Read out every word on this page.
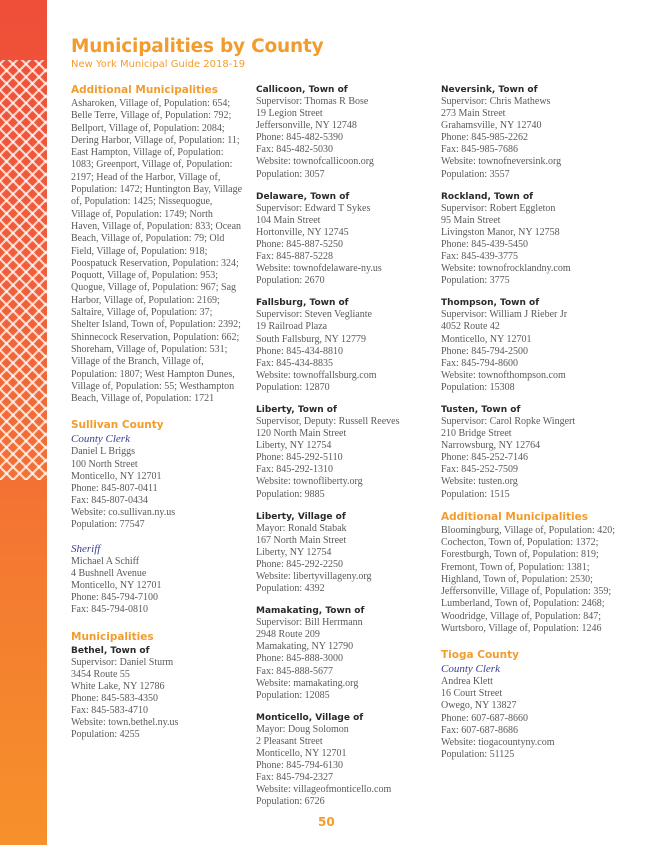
Municipalities by County
New York Municipal Guide 2018-19
Additional Municipalities
Asharoken, Village of, Population: 654; Belle Terre, Village of, Population: 792; Bellport, Village of, Population: 2084; Dering Harbor, Village of, Population: 11; East Hampton, Village of, Population: 1083; Greenport, Village of, Population: 2197; Head of the Harbor, Village of, Population: 1472; Huntington Bay, Village of, Population: 1425; Nissequogue, Village of, Population: 1749; North Haven, Village of, Population: 833; Ocean Beach, Village of, Population: 79; Old Field, Village of, Population: 918; Poospatuck Reservation, Population: 324; Poquott, Village of, Population: 953; Quogue, Village of, Population: 967; Sag Harbor, Village of, Population: 2169; Saltaire, Village of, Population: 37; Shelter Island, Town of, Population: 2392; Shinnecock Reservation, Population: 662; Shoreham, Village of, Population: 531; Village of the Branch, Village of, Population: 1807; West Hampton Dunes, Village of, Population: 55; Westhampton Beach, Village of, Population: 1721
Sullivan County
County Clerk
Daniel L Briggs
100 North Street
Monticello, NY 12701
Phone: 845-807-0411
Fax: 845-807-0434
Website: co.sullivan.ny.us
Population: 77547
Sheriff
Michael A Schiff
4 Bushnell Avenue
Monticello, NY 12701
Phone: 845-794-7100
Fax: 845-794-0810
Municipalities
Bethel, Town of
Supervisor: Daniel Sturm
3454 Route 55
White Lake, NY 12786
Phone: 845-583-4350
Fax: 845-583-4710
Website: town.bethel.ny.us
Population: 4255
Callicoon, Town of
Supervisor: Thomas R Bose
19 Legion Street
Jeffersonville, NY 12748
Phone: 845-482-5390
Fax: 845-482-5030
Website: townofcallicoon.org
Population: 3057
Delaware, Town of
Supervisor: Edward T Sykes
104 Main Street
Hortonville, NY 12745
Phone: 845-887-5250
Fax: 845-887-5228
Website: townofdelaware-ny.us
Population: 2670
Fallsburg, Town of
Supervisor: Steven Vegliante
19 Railroad Plaza
South Fallsburg, NY 12779
Phone: 845-434-8810
Fax: 845-434-8835
Website: townoffallsburg.com
Population: 12870
Liberty, Town of
Supervisor, Deputy: Russell Reeves
120 North Main Street
Liberty, NY 12754
Phone: 845-292-5110
Fax: 845-292-1310
Website: townofliberty.org
Population: 9885
Liberty, Village of
Mayor: Ronald Stabak
167 North Main Street
Liberty, NY 12754
Phone: 845-292-2250
Website: libertyvillageny.org
Population: 4392
Mamakating, Town of
Supervisor: Bill Herrmann
2948 Route 209
Mamakating, NY 12790
Phone: 845-888-3000
Fax: 845-888-5677
Website: mamakating.org
Population: 12085
Monticello, Village of
Mayor: Doug Solomon
2 Pleasant Street
Monticello, NY 12701
Phone: 845-794-6130
Fax: 845-794-2327
Website: villageofmonticello.com
Population: 6726
Neversink, Town of
Supervisor: Chris Mathews
273 Main Street
Grahamsville, NY 12740
Phone: 845-985-2262
Fax: 845-985-7686
Website: townofneversink.org
Population: 3557
Rockland, Town of
Supervisor: Robert Eggleton
95 Main Street
Livingston Manor, NY 12758
Phone: 845-439-5450
Fax: 845-439-3775
Website: townofrocklandny.com
Population: 3775
Thompson, Town of
Supervisor: William J Rieber Jr
4052 Route 42
Monticello, NY 12701
Phone: 845-794-2500
Fax: 845-794-8600
Website: townofthompson.com
Population: 15308
Tusten, Town of
Supervisor: Carol Ropke Wingert
210 Bridge Street
Narrowsburg, NY 12764
Phone: 845-252-7146
Fax: 845-252-7509
Website: tusten.org
Population: 1515
Additional Municipalities
Bloomingburg, Village of, Population: 420; Cochecton, Town of, Population: 1372; Forestburgh, Town of, Population: 819; Fremont, Town of, Population: 1381; Highland, Town of, Population: 2530; Jeffersonville, Village of, Population: 359; Lumberland, Town of, Population: 2468; Woodridge, Village of, Population: 847; Wurtsboro, Village of, Population: 1246
Tioga County
County Clerk
Andrea Klett
16 Court Street
Owego, NY 13827
Phone: 607-687-8660
Fax: 607-687-8686
Website: tiogacountyny.com
Population: 51125
50
